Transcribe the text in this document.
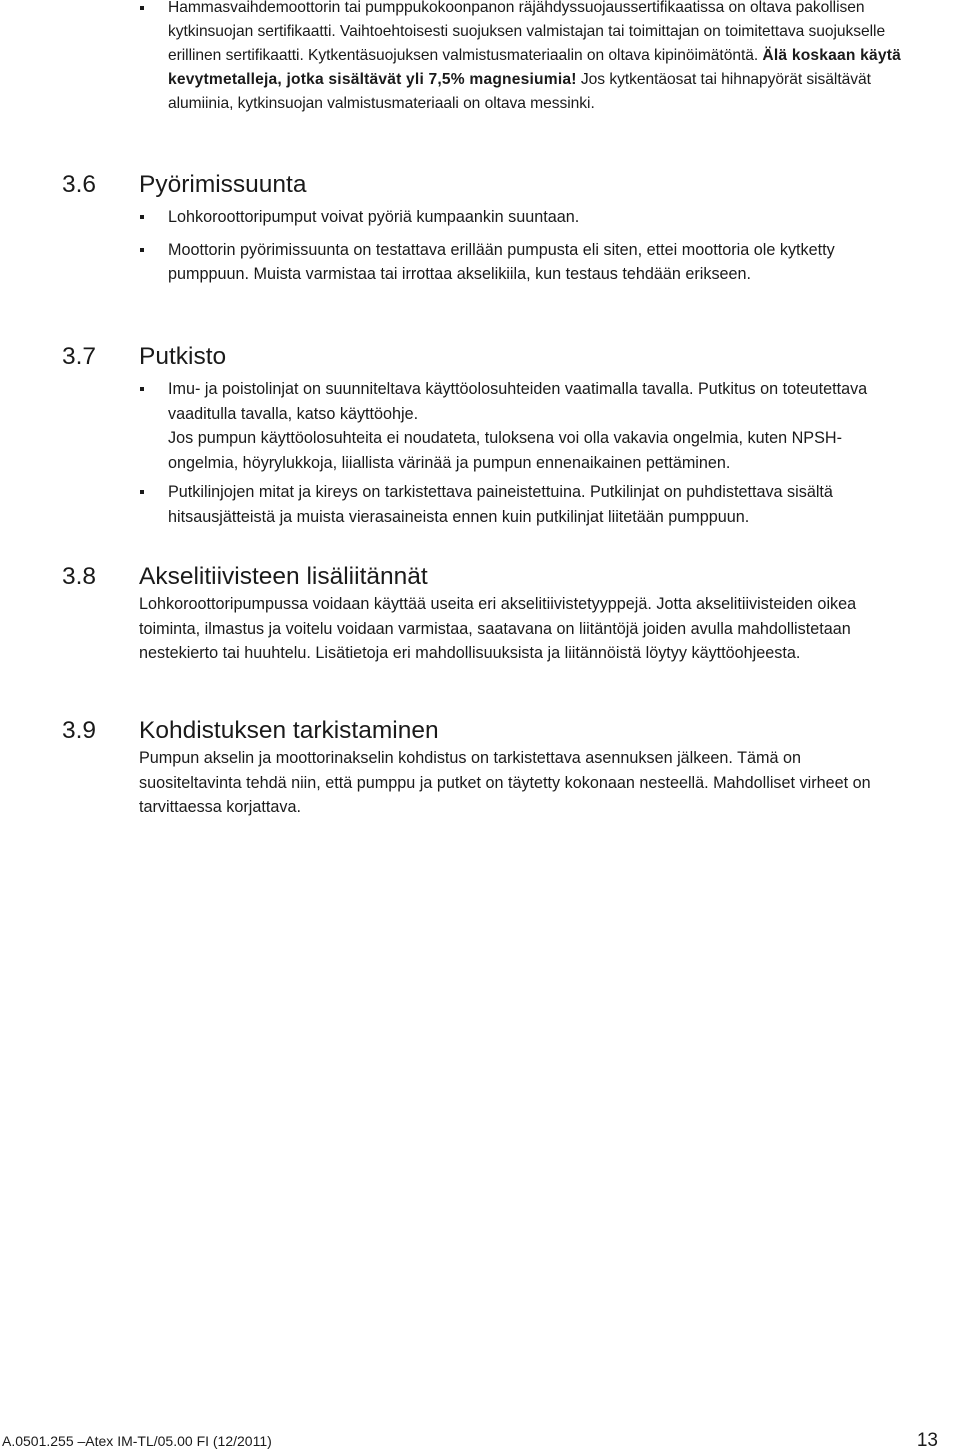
Hammasvaihdemoottorin tai pumppukokoonpanon räjähdyssuojaussertifikaatissa on oltava pakollisen kytkinsuojan sertifikaatti. Vaihtoehtoisesti suojuksen valmistajan tai toimittajan on toimitettava suojukselle erillinen sertifikaatti. Kytkentäsuojuksen valmistusmateriaalin on oltava kipinöimätöntä. Älä koskaan käytä kevytmetalleja, jotka sisältävät yli 7,5% magnesiumia! Jos kytkentäosat tai hihnapyörät sisältävät alumiinia, kytkinsuojan valmistusmateriaali on oltava messinki.
3.6 Pyörimissuunta
Lohkoroottoripumput voivat pyöriä kumpaankin suuntaan.
Moottorin pyörimissuunta on testattava erillään pumpusta eli siten, ettei moottoria ole kytketty pumppuun. Muista varmistaa tai irrottaa akselikiila, kun testaus tehdään erikseen.
3.7 Putkisto
Imu- ja poistolinjat on suunniteltava käyttöolosuhteiden vaatimalla tavalla. Putkitus on toteutettava vaaditulla tavalla, katso käyttöohje.
Jos pumpun käyttöolosuhteita ei noudateta, tuloksena voi olla vakavia ongelmia, kuten NPSH-ongelmia, höyrylukkoja, liiallista värinää ja pumpun ennenaikainen pettäminen.
Putkilinjojen mitat ja kireys on tarkistettava paineistettuina. Putkilinjat on puhdistettava sisältä hitsausjätteistä ja muista vierasaineista ennen kuin putkilinjat liitetään pumppuun.
3.8 Akselitiivisteen lisäliitännät

Lohkoroottoripumpussa voidaan käyttää useita eri akselitiivistetyyppejä. Jotta akselitiivisteiden oikea toiminta, ilmastus ja voitelu voidaan varmistaa, saatavana on liitäntöjä joiden avulla mahdollistetaan nestekierto tai huuhtelu. Lisätietoja eri mahdollisuuksista ja liitännöistä löytyy käyttöohjeesta.

3.9 Kohdistuksen tarkistaminen

Pumpun akselin ja moottorinakselin kohdistus on tarkistettava asennuksen jälkeen. Tämä on suositeltavinta tehdä niin, että pumppu ja putket on täytetty kokonaan nesteellä. Mahdolliset virheet on tarvittaessa korjattava.

A.0501.255 –Atex IM-TL/05.00 FI (12/2011)	13
